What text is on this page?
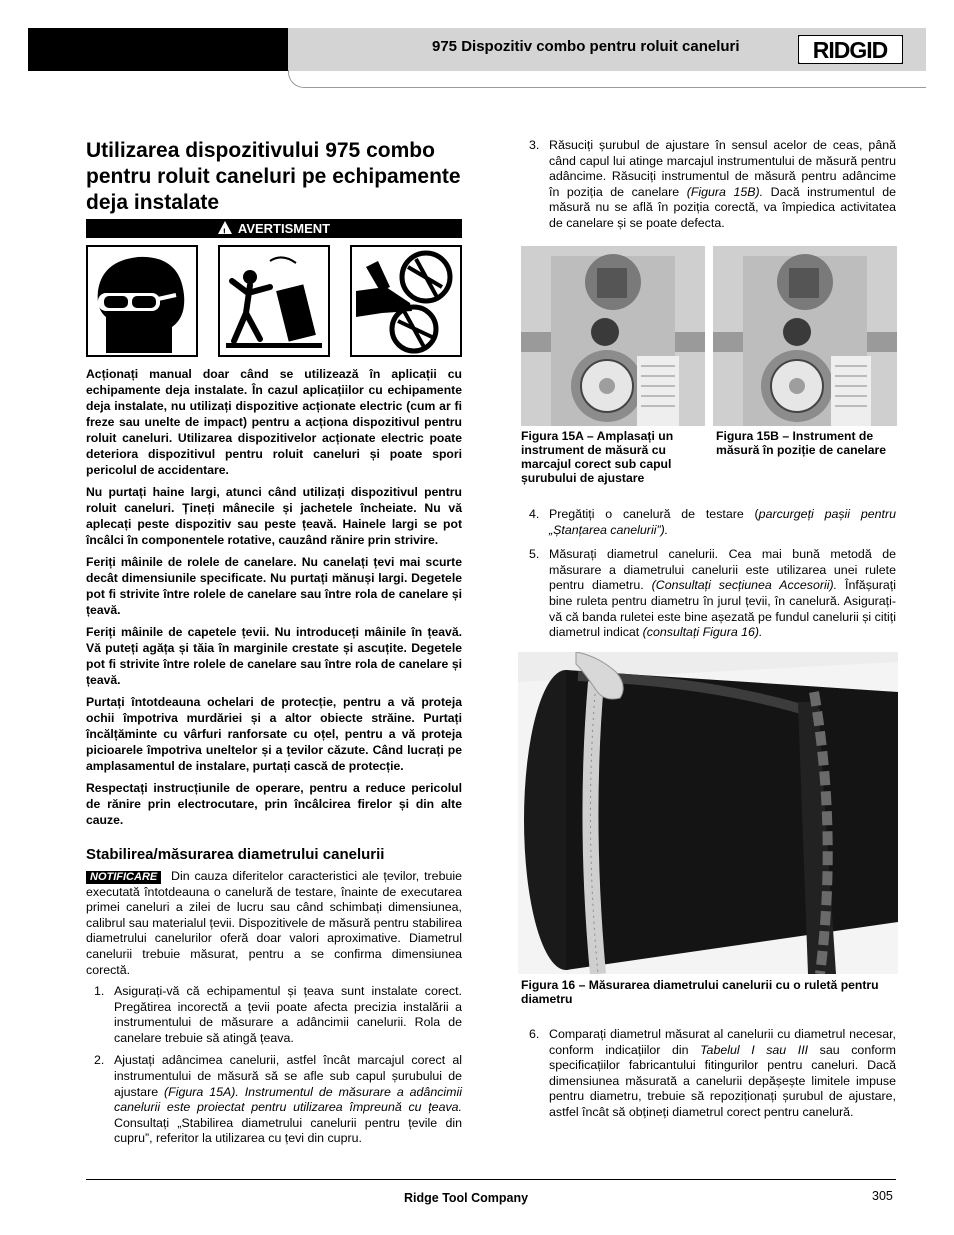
975 Dispozitiv combo pentru roluit caneluri	RIDGID
Utilizarea dispozitivului 975 combo pentru roluit caneluri pe echipamente deja instalate
! AVERTISMENT

Acționați manual doar când se utilizează în aplicații cu echipamente deja instalate. În cazul aplicațiilor cu echipamente deja instalate, nu utilizați dispozitive acționate electric (cum ar fi freze sau unelte de impact) pentru a acționa dispozitivul pentru roluit caneluri. Utilizarea dispozitivelor acționate electric poate deteriora dispozitivul pentru roluit caneluri și poate spori pericolul de accidentare.

Nu purtați haine largi, atunci când utilizați dispozitivul pentru roluit caneluri. Țineți mânecile și jachetele încheiate. Nu vă aplecați peste dispozitiv sau peste țeavă. Hainele largi se pot încâlci în componentele rotative, cauzând rănire prin strivire.

Feriți mâinile de rolele de canelare. Nu canelați țevi mai scurte decât dimensiunile specificate. Nu purtați mănuși largi. Degetele pot fi strivite între rolele de canelare sau între rola de canelare și țeavă.

Feriți mâinile de capetele țevii. Nu introduceți mâinile în țeavă. Vă puteți agăța și tăia în marginile crestate și ascuțite. Degetele pot fi strivite între rolele de canelare sau între rola de canelare și țeavă.

Purtați întotdeauna ochelari de protecție, pentru a vă proteja ochii împotriva murdăriei și a altor obiecte străine. Purtați încălțăminte cu vârfuri ranforsate cu oțel, pentru a vă proteja picioarele împotriva uneltelor și a țevilor căzute. Când lucrați pe amplasamentul de instalare, purtați cască de protecție.

Respectați instrucțiunile de operare, pentru a reduce pericolul de rănire prin electrocutare, prin încâlcirea firelor și din alte cauze.

Stabilirea/măsurarea diametrului canelurii

NOTIFICARE Din cauza diferitelor caracteristici ale țevilor, trebuie executată întotdeauna o canelură de testare, înainte de executarea primei caneluri a zilei de lucru sau când schimbați dimensiunea, calibrul sau materialul țevii. Dispozitivele de măsură pentru stabilirea diametrului canelurilor oferă doar valori aproximative. Diametrul canelurii trebuie măsurat, pentru a se confirma dimensiunea corectă.

1. Asigurați-vă că echipamentul și țeava sunt instalate corect. Pregătirea incorectă a țevii poate afecta precizia instalării a instrumentului de măsurare a adâncimii canelurii. Rola de canelare trebuie să atingă țeava.
2. Ajustați adâncimea canelurii, astfel încât marcajul corect al instrumentului de măsură să se afle sub capul șurubului de ajustare (Figura 15A). Instrumentul de măsurare a adâncimii canelurii este proiectat pentru utilizarea împreună cu țeava. Consultați „Stabilirea diametrului canelurii pentru țevile din cupru”, referitor la utilizarea cu țevi din cupru.
3. Răsuciți șurubul de ajustare în sensul acelor de ceas, până când capul lui atinge marcajul instrumentului de măsură pentru adâncime. Răsuciți instrumentul de măsură pentru adâncime în poziția de canelare (Figura 15B). Dacă instrumentul de măsură nu se află în poziția corectă, va împiedica activitatea de canelare și se poate defecta.
Figura 15A – Amplasați un instrument de măsură cu marcajul corect sub capul șurubului de ajustare
Figura 15B – Instrument de măsură în poziție de canelare
4. Pregătiți o canelură de testare (parcurgeți pașii pentru „Ștanțarea canelurii”).
5. Măsurați diametrul canelurii. Cea mai bună metodă de măsurare a diametrului canelurii este utilizarea unei rulete pentru diametru. (Consultați secțiunea Accesorii). Înfășurați bine ruleta pentru diametru în jurul țevii, în canelură. Asigurați-vă că banda ruletei este bine așezată pe fundul canelurii și citiți diametrul indicat (consultați Figura 16).
Figura 16 – Măsurarea diametrului canelurii cu o ruletă pentru diametru
6. Comparați diametrul măsurat al canelurii cu diametrul necesar, conform indicațiilor din Tabelul I sau III sau conform specificațiilor fabricantului fitingurilor pentru caneluri. Dacă dimensiunea măsurată a canelurii depășește limitele impuse pentru diametru, trebuie să repoziționați șurubul de ajustare, astfel încât să obțineți diametrul corect pentru canelură.
Ridge Tool Company	305
